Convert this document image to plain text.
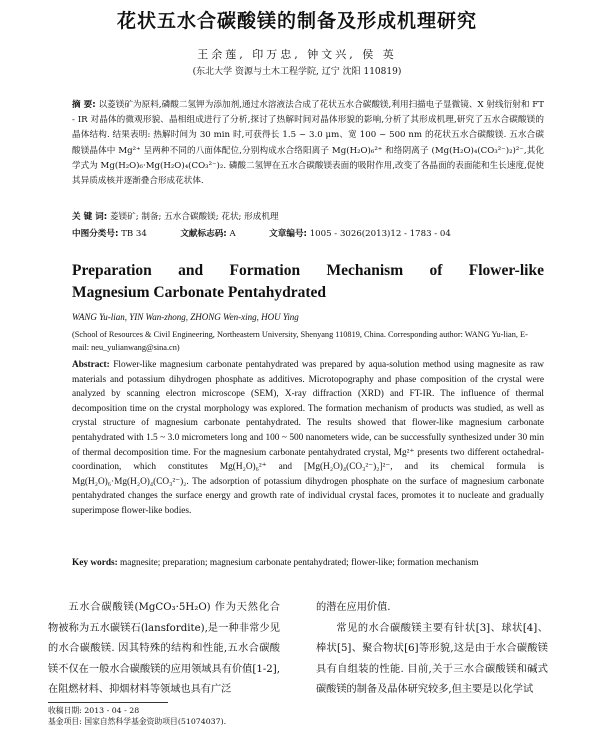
花状五水合碳酸镁的制备及形成机理研究
王余莲, 印万忠, 钟文兴, 侯 英
(东北大学 资源与土木工程学院, 辽宁 沈阳 110819)
摘 要: 以菱镁矿为原料,磷酸二氢钾为添加剂,通过水溶液法合成了花状五水合碳酸镁,利用扫描电子显微镜、X 射线衍射和 FT - IR 对晶体的微观形貌、晶相组成进行了分析,探讨了热解时间对晶体形貌的影响,分析了其形成机理,研究了五水合碳酸镁的晶体结构. 结果表明: 热解时间为 30 min 时,可获得长 1.5 ~ 3.0 μm、宽 100 ~ 500 nm 的花状五水合碳酸镁. 五水合碳酸镁晶体中 Mg²⁺ 呈两种不同的八面体配位,分别构成水合络阳离子 Mg(H₂O)₆²⁺ 和络阴离子 (Mg(H₂O)₄(CO₃²⁻)₂)²⁻,其化学式为 Mg(H₂O)₆·Mg(H₂O)₄(CO₃²⁻)₂. 磷酸二氢钾在五水合碳酸镁表面的吸附作用,改变了各晶面的表面能和生长速度,促使其异质成核并逐渐叠合形成花状体.
关 键 词: 菱镁矿; 制备; 五水合碳酸镁; 花状; 形成机理
中图分类号: TB 34	文献标志码: A	文章编号: 1005 - 3026(2013)12 - 1783 - 04
Preparation and Formation Mechanism of Flower-like
Magnesium Carbonate Pentahydrated
WANG Yu-lian, YIN Wan-zhong, ZHONG Wen-xing, HOU Ying
(School of Resources & Civil Engineering, Northeastern University, Shenyang 110819, China. Corresponding author: WANG Yu-lian, E-mail: neu_yulianwang@sina.cn)
Abstract: Flower-like magnesium carbonate pentahydrated was prepared by aqua-solution method using magnesite as raw materials and potassium dihydrogen phosphate as additives. Microtopography and phase composition of the crystal were analyzed by scanning electron microscope (SEM), X-ray diffraction (XRD) and FT-IR. The influence of thermal decomposition time on the crystal morphology was explored. The formation mechanism of products was studied, as well as crystal structure of magnesium carbonate pentahydrated. The results showed that flower-like magnesium carbonate pentahydrated with 1.5 ~ 3.0 micrometers long and 100 ~ 500 nanometers wide, can be successfully synthesized under 30 min of thermal decomposition time. For the magnesium carbonate pentahydrated crystal, Mg²⁺ presents two different octahedral-coordination, which constitutes Mg(H₂O)₆²⁺ and [Mg(H₂O)₄(CO₃²⁻)₂]²⁻, and its chemical formula is Mg(H₂O)₆·Mg(H₂O)₄(CO₃²⁻)₂. The adsorption of potassium dihydrogen phosphate on the surface of magnesium carbonate pentahydrated changes the surface energy and growth rate of individual crystal faces, promotes it to nucleate and gradually superimpose flower-like bodies.
Key words: magnesite; preparation; magnesium carbonate pentahydrated; flower-like; formation mechanism
五水合碳酸镁(MgCO₃·5H₂O) 作为天然化合物被称为五水碳镁石(lansfordite),是一种非常少见的水合碳酸镁. 因其特殊的结构和性能,五水合碳酸镁不仅在一般水合碳酸镁的应用领域具有价值[1-2],在阻燃材料、抑烟材料等领域也具有广泛
的潜在应用价值.
常见的水合碳酸镁主要有针状[3]、球状[4]、棒状[5]、聚合物状[6]等形貌,这是由于水合碳酸镁具有自组装的性能. 目前,关于三水合碳酸镁和碱式碳酸镁的制备及晶体研究较多,但主要是以化学试
收稿日期: 2013 - 04 - 28
基金项目: 国家自然科学基金资助项目(51074037).
